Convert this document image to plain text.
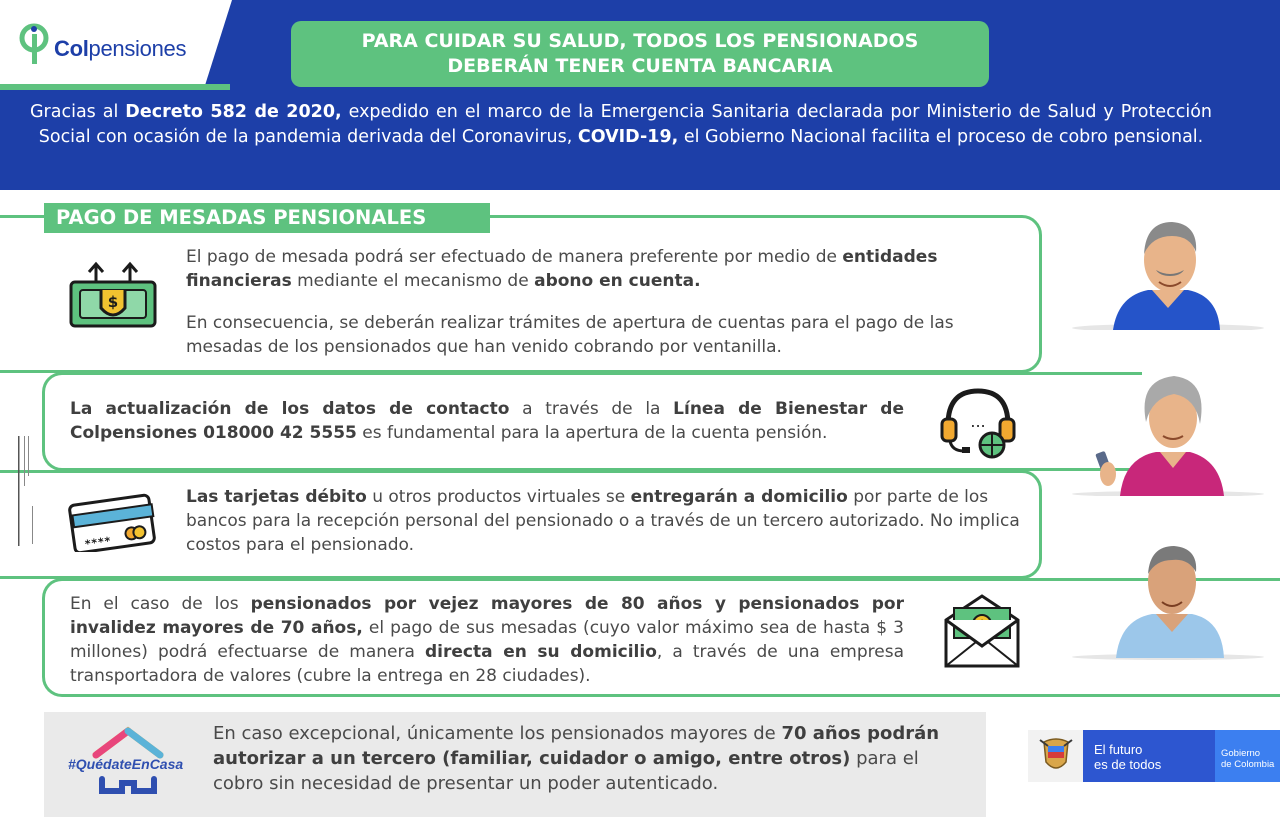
Colpensiones	PARA CUIDAR SU SALUD, TODOS LOS PENSIONADOS DEBERÁN TENER CUENTA BANCARIA
Gracias al Decreto 582 de 2020, expedido en el marco de la Emergencia Sanitaria declarada por Ministerio de Salud y Protección Social con ocasión de la pandemia derivada del Coronavirus, COVID-19, el Gobierno Nacional facilita el proceso de cobro pensional.
PAGO DE MESADAS PENSIONALES
$
El pago de mesada podrá ser efectuado de manera preferente por medio de entidades financieras mediante el mecanismo de abono en cuenta.
En consecuencia, se deberán realizar trámites de apertura de cuentas para el pago de las mesadas de los pensionados que han venido cobrando por ventanilla.
La actualización de los datos de contacto a través de la Línea de Bienestar de Colpensiones 018000 42 5555 es fundamental para la apertura de la cuenta pensión.
...
****
Las tarjetas débito u otros productos virtuales se entregarán a domicilio por parte de los bancos para la recepción personal del pensionado o a través de un tercero autorizado. No implica costos para el pensionado.
En el caso de los pensionados por vejez mayores de 80 años y pensionados por invalidez mayores de 70 años, el pago de sus mesadas (cuyo valor máximo sea de hasta $ 3 millones) podrá efectuarse de manera directa en su domicilio, a través de una empresa transportadora de valores (cubre la entrega en 28 ciudades).
#QuédateEnCasa
En caso excepcional, únicamente los pensionados mayores de 70 años podrán autorizar a un tercero (familiar, cuidador o amigo, entre otros) para el cobro sin necesidad de presentar un poder autenticado.
El futuro
es de todos
Gobierno
de Colombia
